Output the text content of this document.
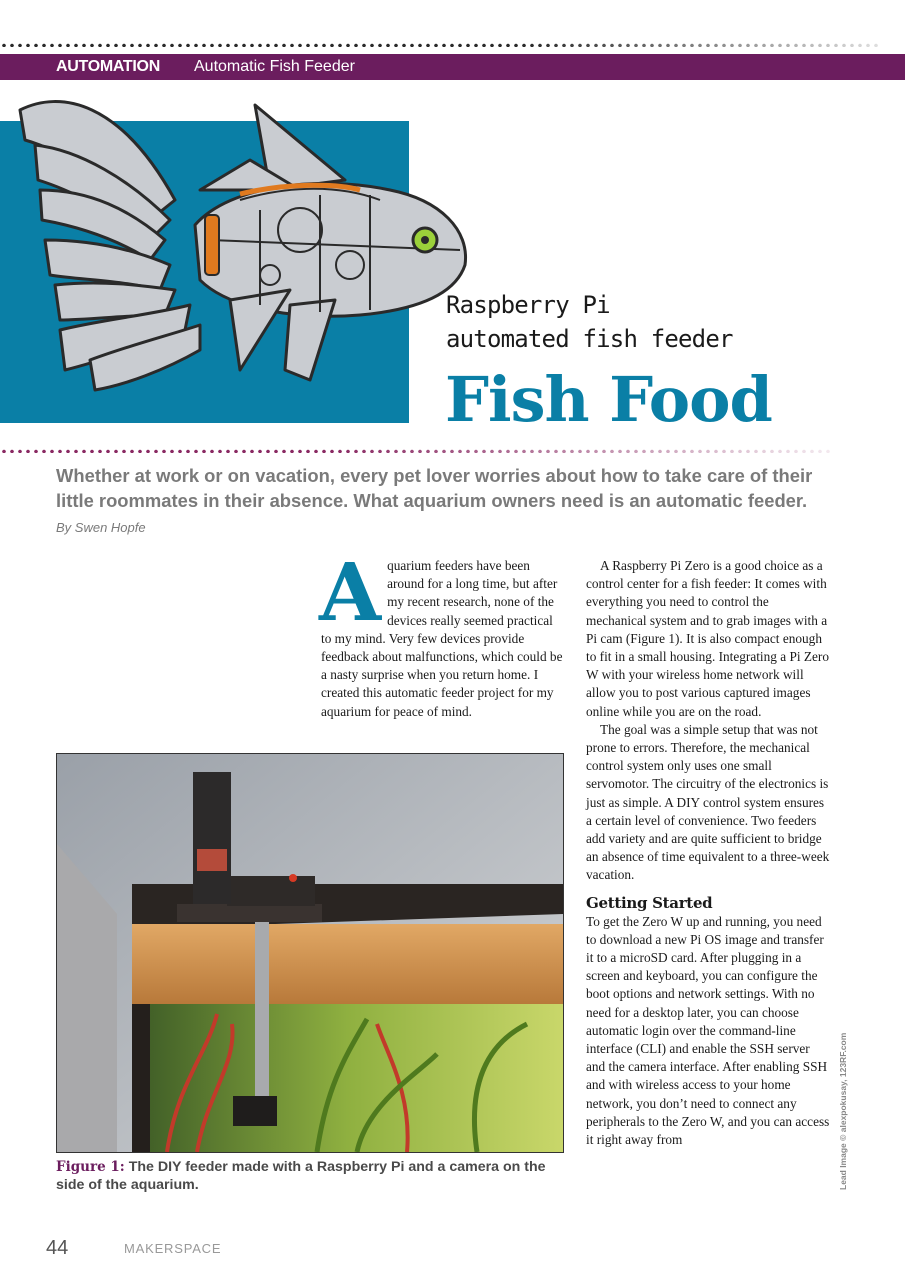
AUTOMATION Automatic Fish Feeder
Raspberry Pi
automated fish feeder
Fish Food
Whether at work or on vacation, every pet lover worries about how to take care of their little roommates in their absence. What aquarium owners need is an automatic feeder.
By Swen Hopfe
A quarium feeders have been around for a long time, but after my recent research, none of the devices really seemed practical to my mind. Very few devices provide feedback about malfunctions, which could be a nasty surprise when you return home. I created this automatic feeder project for my aquarium for peace of mind.

A Raspberry Pi Zero is a good choice as a control center for a fish feeder: It comes with everything you need to control the mechanical system and to grab images with a Pi cam (Figure 1). It is also compact enough to fit in a small housing. Integrating a Pi Zero W with your wireless home network will allow you to post various captured images online while you are on the road.

The goal was a simple setup that was not prone to errors. Therefore, the mechanical control system only uses one small servomotor. The circuitry of the electronics is just as simple. A DIY control system ensures a certain level of convenience. Two feeders add variety and are quite sufficient to bridge an absence of time equivalent to a three-week vacation.

Getting Started

To get the Zero W up and running, you need to download a new Pi OS image and transfer it to a microSD card. After plugging in a screen and keyboard, you can configure the boot options and network settings. With no need for a desktop later, you can choose automatic login over the command-line interface (CLI) and enable the SSH server and the camera interface. After enabling SSH and with wireless access to your home network, you don’t need to connect any peripherals to the Zero W, and you can access it right away from

Figure 1: The DIY feeder made with a Raspberry Pi and a camera on the side of the aquarium.	Lead Image © alexpokusay, 123RF.com
44	MAKERSPACE
